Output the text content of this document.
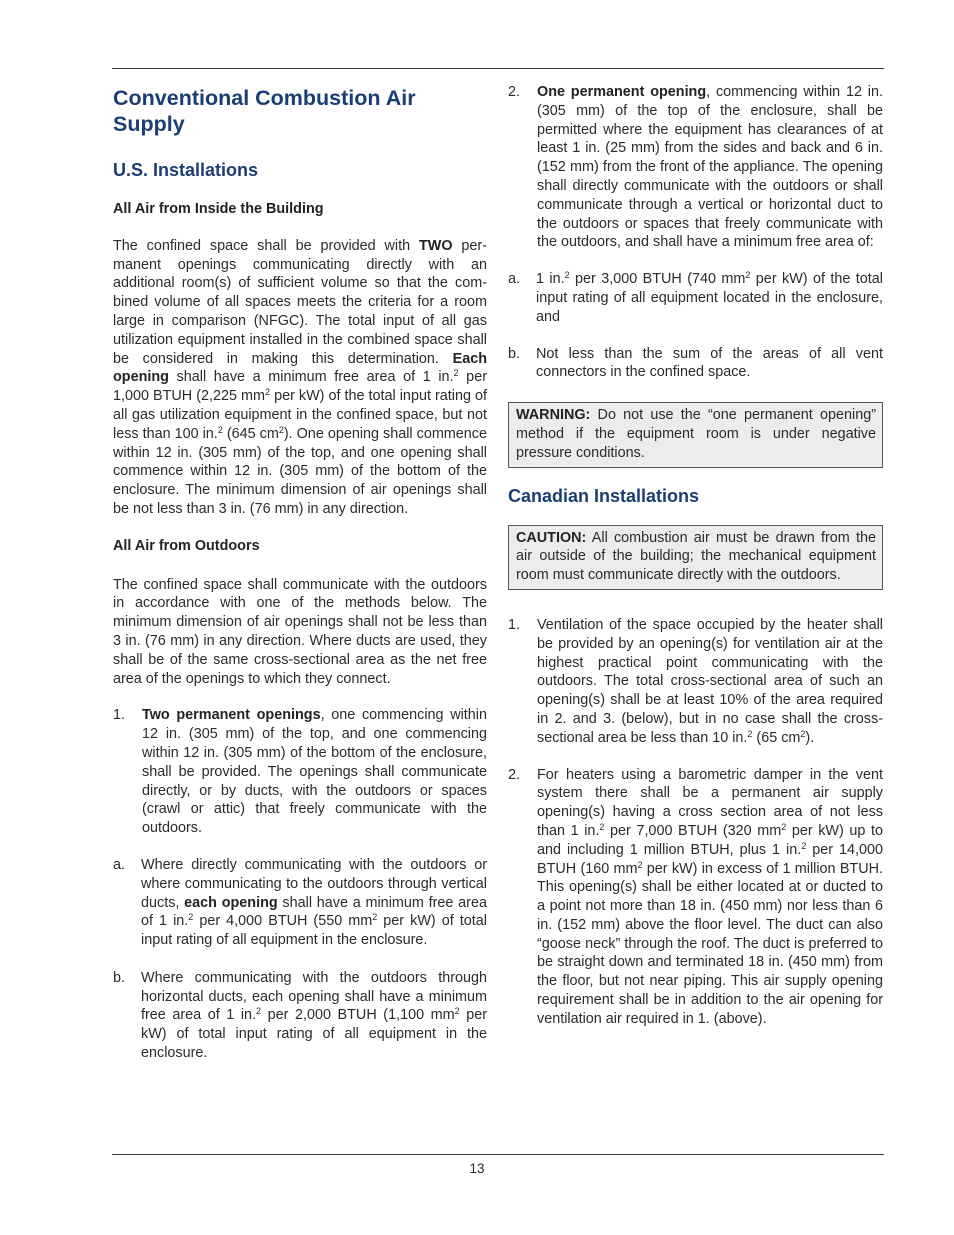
Conventional Combustion Air Supply
U.S. Installations
All Air from Inside the Building

The confined space shall be provided with TWO permanent openings communicating directly with an additional room(s) of sufficient volume so that the combined volume of all spaces meets the criteria for a room large in comparison (NFGC). The total input of all gas utilization equipment installed in the combined space shall be considered in making this determination. Each opening shall have a minimum free area of 1 in.$^2$ per 1,000 BTUH (2,225 $mm^2$ per kW) of the total input rating of all gas utilization equipment in the confined space, but not less than 100 in.$^2$ (645 $cm^2$). One opening shall commence within 12 in. (305 mm) of the top, and one opening shall commence within 12 in. (305 mm) of the bottom of the enclosure. The minimum dimension of air openings shall be not less than 3 in. (76 mm) in any direction.

All Air from Outdoors

The confined space shall communicate with the outdoors in accordance with one of the methods below. The minimum dimension of air openings shall not be less than 3 in. (76 mm) in any direction. Where ducts are used, they shall be of the same cross-sectional area as the net free area of the openings to which they connect.

1. Two permanent openings, one commencing within 12 in. (305 mm) of the top, and one commencing within 12 in. (305 mm) of the bottom of the enclosure, shall be provided. The openings shall communicate directly, or by ducts, with the outdoors or spaces (crawl or attic) that freely communicate with the outdoors.
a. Where directly communicating with the outdoors or where communicating to the outdoors through vertical ducts, each opening shall have a minimum free area of 1 in.$^2$ per 4,000 BTUH (550 $mm^2$ per kW) of total input rating of all equipment in the enclosure.
b. Where communicating with the outdoors through horizontal ducts, each opening shall have a minimum free area of 1 in.$^2$ per 2,000 BTUH (1,100 $mm^2$ per kW) of total input rating of all equipment in the enclosure.
2. One permanent opening, commencing within 12 in. (305 mm) of the top of the enclosure, shall be permitted where the equipment has clearances of at least 1 in. (25 mm) from the sides and back and 6 in. (152 mm) from the front of the appliance. The opening shall directly communicate with the outdoors or shall communicate through a vertical or horizontal duct to the outdoors or spaces that freely communicate with the outdoors, and shall have a minimum free area of:
a. 1 in.$^2$ per 3,000 BTUH (740 $mm^2$ per kW) of the total input rating of all equipment located in the enclosure, and
b. Not less than the sum of the areas of all vent connectors in the confined space.
WARNING: Do not use the “one permanent opening” method if the equipment room is under negative pressure conditions.
Canadian Installations
CAUTION: All combustion air must be drawn from the air outside of the building; the mechanical equipment room must communicate directly with the outdoors.
1. Ventilation of the space occupied by the heater shall be provided by an opening(s) for ventilation air at the highest practical point communicating with the outdoors. The total cross-sectional area of such an opening(s) shall be at least 10% of the area required in 2. and 3. (below), but in no case shall the cross-sectional area be less than 10 in.$^2$ (65 $cm^2$).
2. For heaters using a barometric damper in the vent system there shall be a permanent air supply opening(s) having a cross section area of not less than 1 in.$^2$ per 7,000 BTUH (320 $mm^2$ per kW) up to and including 1 million BTUH, plus 1 in.$^2$ per 14,000 BTUH (160 $mm^2$ per kW) in excess of 1 million BTUH. This opening(s) shall be either located at or ducted to a point not more than 18 in. (450 mm) nor less than 6 in. (152 mm) above the floor level. The duct can also “goose neck” through the roof. The duct is preferred to be straight down and terminated 18 in. (450 mm) from the floor, but not near piping. This air supply opening requirement shall be in addition to the air opening for ventilation air required in 1. (above).
13
